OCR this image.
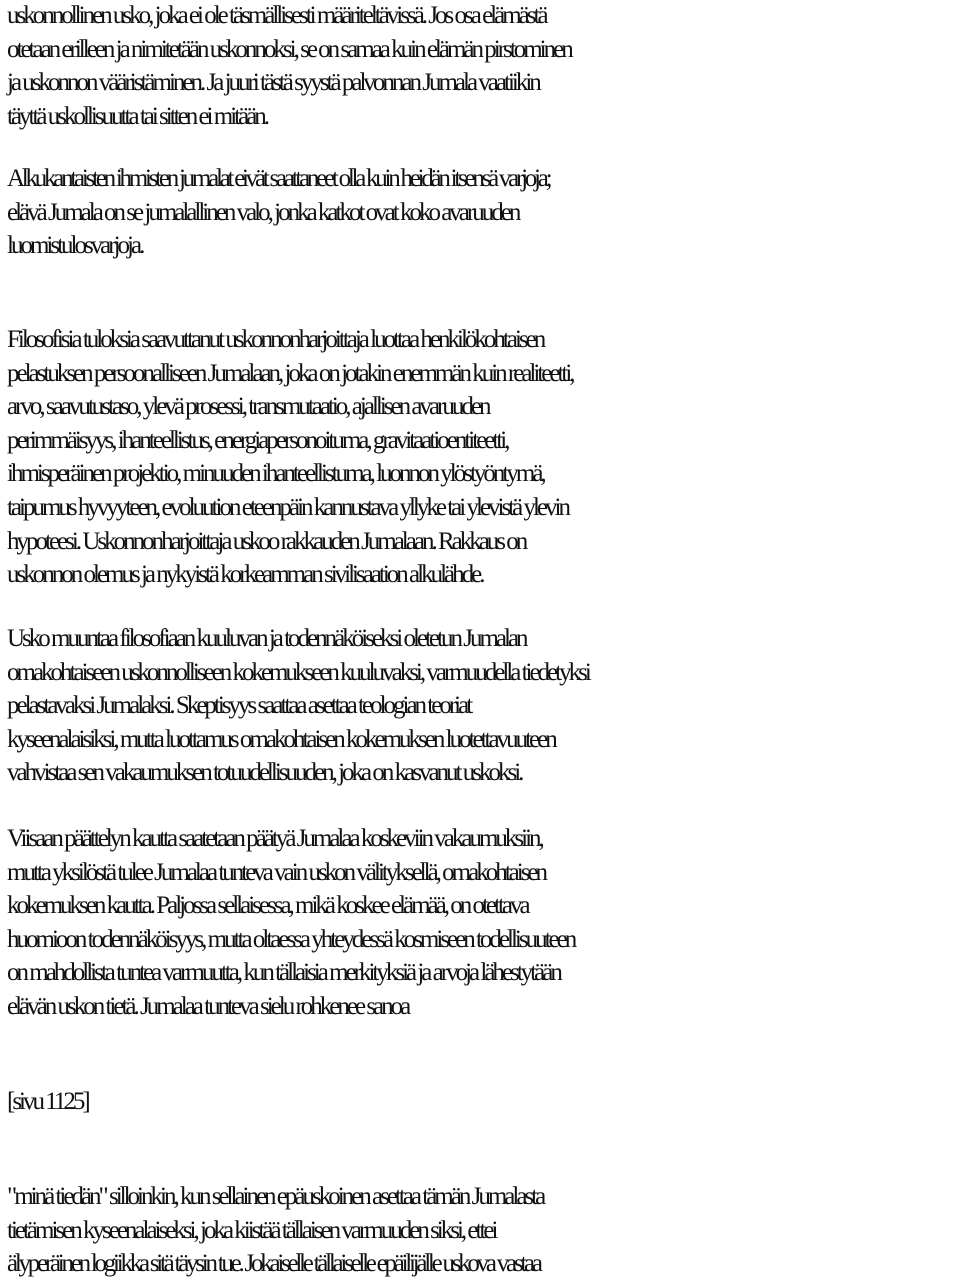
uskonnollinen usko, joka ei ole täsmällisesti määriteltävissä. Jos osa elämästä
otetaan erilleen ja nimitetään uskonnoksi, se on samaa kuin elämän pirstominen
ja uskonnon vääristäminen. Ja juuri tästä syystä palvonnan Jumala vaatiikin
täyttä uskollisuutta tai sitten ei mitään.
Alkukantaisten ihmisten jumalat eivät saattaneet olla kuin heidän itsensä varjoja;
elävä Jumala on se jumalallinen valo, jonka katkot ovat koko avaruuden
luomistulosvarjoja.
Filosofisia tuloksia saavuttanut uskonnonharjoittaja luottaa henkilökohtaisen
pelastuksen persoonalliseen Jumalaan, joka on jotakin enemmän kuin realiteetti,
arvo, saavutustaso, ylevä prosessi, transmutaatio, ajallisen avaruuden
perimmäisyys, ihanteellistus, energiapersonoituma, gravitaatioentiteetti,
ihmisperäinen projektio, minuuden ihanteellistuma, luonnon ylöstyöntymä,
taipumus hyvyyteen, evoluution eteenpäin kannustava yllyke tai ylevistä ylevin
hypoteesi. Uskonnonharjoittaja uskoo rakkauden Jumalaan. Rakkaus on
uskonnon olemus ja nykyistä korkeamman sivilisaation alkulähde.
Usko muuntaa filosofiaan kuuluvan ja todennäköiseksi oletetun Jumalan
omakohtaiseen uskonnolliseen kokemukseen kuuluvaksi, varmuudella tiedetyksi
pelastavaksi Jumalaksi. Skeptisyys saattaa asettaa teologian teoriat
kyseenalaisiksi, mutta luottamus omakohtaisen kokemuksen luotettavuuteen
vahvistaa sen vakaumuksen totuudellisuuden, joka on kasvanut uskoksi.
Viisaan päättelyn kautta saatetaan päätyä Jumalaa koskeviin vakaumuksiin,
mutta yksilöstä tulee Jumalaa tunteva vain uskon välityksellä, omakohtaisen
kokemuksen kautta. Paljossa sellaisessa, mikä koskee elämää, on otettava
huomioon todennäköisyys, mutta oltaessa yhteydessä kosmiseen todellisuuteen
on mahdollista tuntea varmuutta, kun tällaisia merkityksiä ja arvoja lähestytään
elävän uskon tietä. Jumalaa tunteva sielu rohkenee sanoa
[sivu 1125]
"minä tiedän" silloinkin, kun sellainen epäuskoinen asettaa tämän Jumalasta
tietämisen kyseenalaiseksi, joka kiistää tällaisen varmuuden siksi, ettei
älyperäinen logiikka sitä täysin tue. Jokaiselle tällaiselle epäilijälle uskova vastaa
